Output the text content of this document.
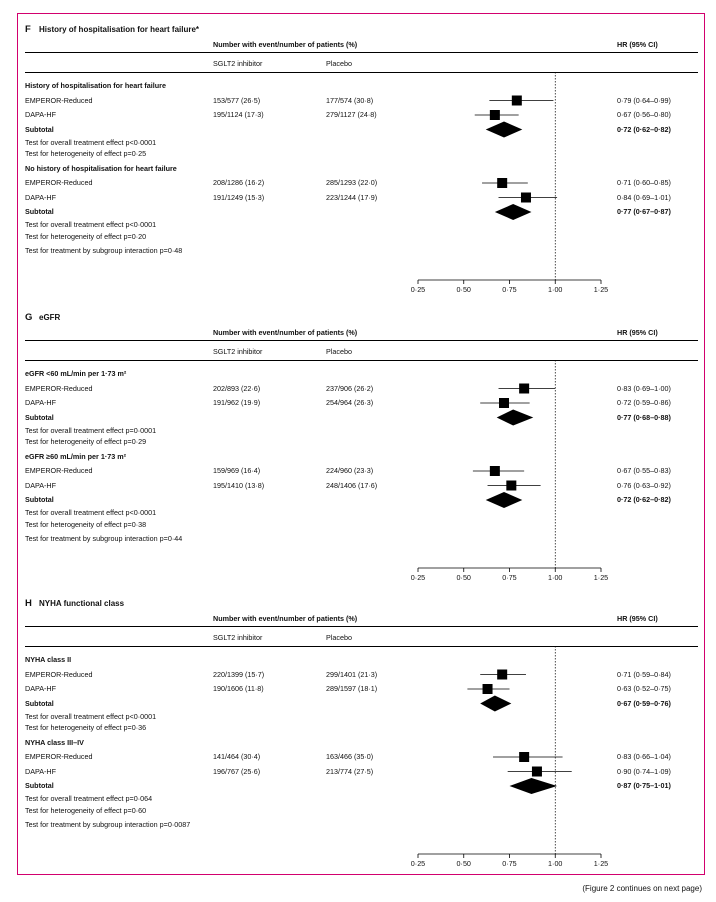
F History of hospitalisation for heart failure*
Number with event/number of patients (%)	HR (95% CI)
SGLT2 inhibitor	Placebo
History of hospitalisation for heart failure
EMPEROR-Reduced	153/577 (26·5)	177/574 (30·8)	0·79 (0·64–0·99)
DAPA-HF	195/1124 (17·3)	279/1127 (24·8)	0·67 (0·56–0·80)
Subtotal	0·72 (0·62–0·82)
Test for overall treatment effect p<0·0001
Test for heterogeneity of effect p=0·25
No history of hospitalisation for heart failure
EMPEROR-Reduced	208/1286 (16·2)	285/1293 (22·0)	0·71 (0·60–0·85)
DAPA-HF	191/1249 (15·3)	223/1244 (17·9)	0·84 (0·69–1·01)
Subtotal	0·77 (0·67–0·87)
Test for overall treatment effect p<0·0001
Test for heterogeneity of effect p=0·20
Test for treatment by subgroup interaction p=0·48
0·25	0·50	0·75	1·00	1·25
G eGFR
Number with event/number of patients (%)	HR (95% CI)
SGLT2 inhibitor	Placebo
eGFR <60 mL/min per 1·73 m²
EMPEROR-Reduced	202/893 (22·6)	237/906 (26·2)	0·83 (0·69–1·00)
DAPA-HF	191/962 (19·9)	254/964 (26·3)	0·72 (0·59–0·86)
Subtotal	0·77 (0·68–0·88)
Test for overall treatment effect p=0·0001
Test for heterogeneity of effect p=0·29
eGFR ≥60 mL/min per 1·73 m²
EMPEROR-Reduced	159/969 (16·4)	224/960 (23·3)	0·67 (0·55–0·83)
DAPA-HF	195/1410 (13·8)	248/1406 (17·6)	0·76 (0·63–0·92)
Subtotal	0·72 (0·62–0·82)
Test for overall treatment effect p<0·0001
Test for heterogeneity of effect p=0·38
Test for treatment by subgroup interaction p=0·44
0·25	0·50	0·75	1·00	1·25
H NYHA functional class
Number with event/number of patients (%)	HR (95% CI)
SGLT2 inhibitor	Placebo
NYHA class II
EMPEROR-Reduced	220/1399 (15·7)	299/1401 (21·3)	0·71 (0·59–0·84)
DAPA-HF	190/1606 (11·8)	289/1597 (18·1)	0·63 (0·52–0·75)
Subtotal	0·67 (0·59–0·76)
Test for overall treatment effect p<0·0001
Test for heterogeneity of effect p=0·36
NYHA class III–IV
EMPEROR-Reduced	141/464 (30·4)	163/466 (35·0)	0·83 (0·66–1·04)
DAPA-HF	196/767 (25·6)	213/774 (27·5)	0·90 (0·74–1·09)
Subtotal	0·87 (0·75–1·01)
Test for overall treatment effect p=0·064
Test for heterogeneity of effect p=0·60
Test for treatment by subgroup interaction p=0·0087
0·25	0·50	0·75	1·00	1·25
(Figure 2 continues on next page)
